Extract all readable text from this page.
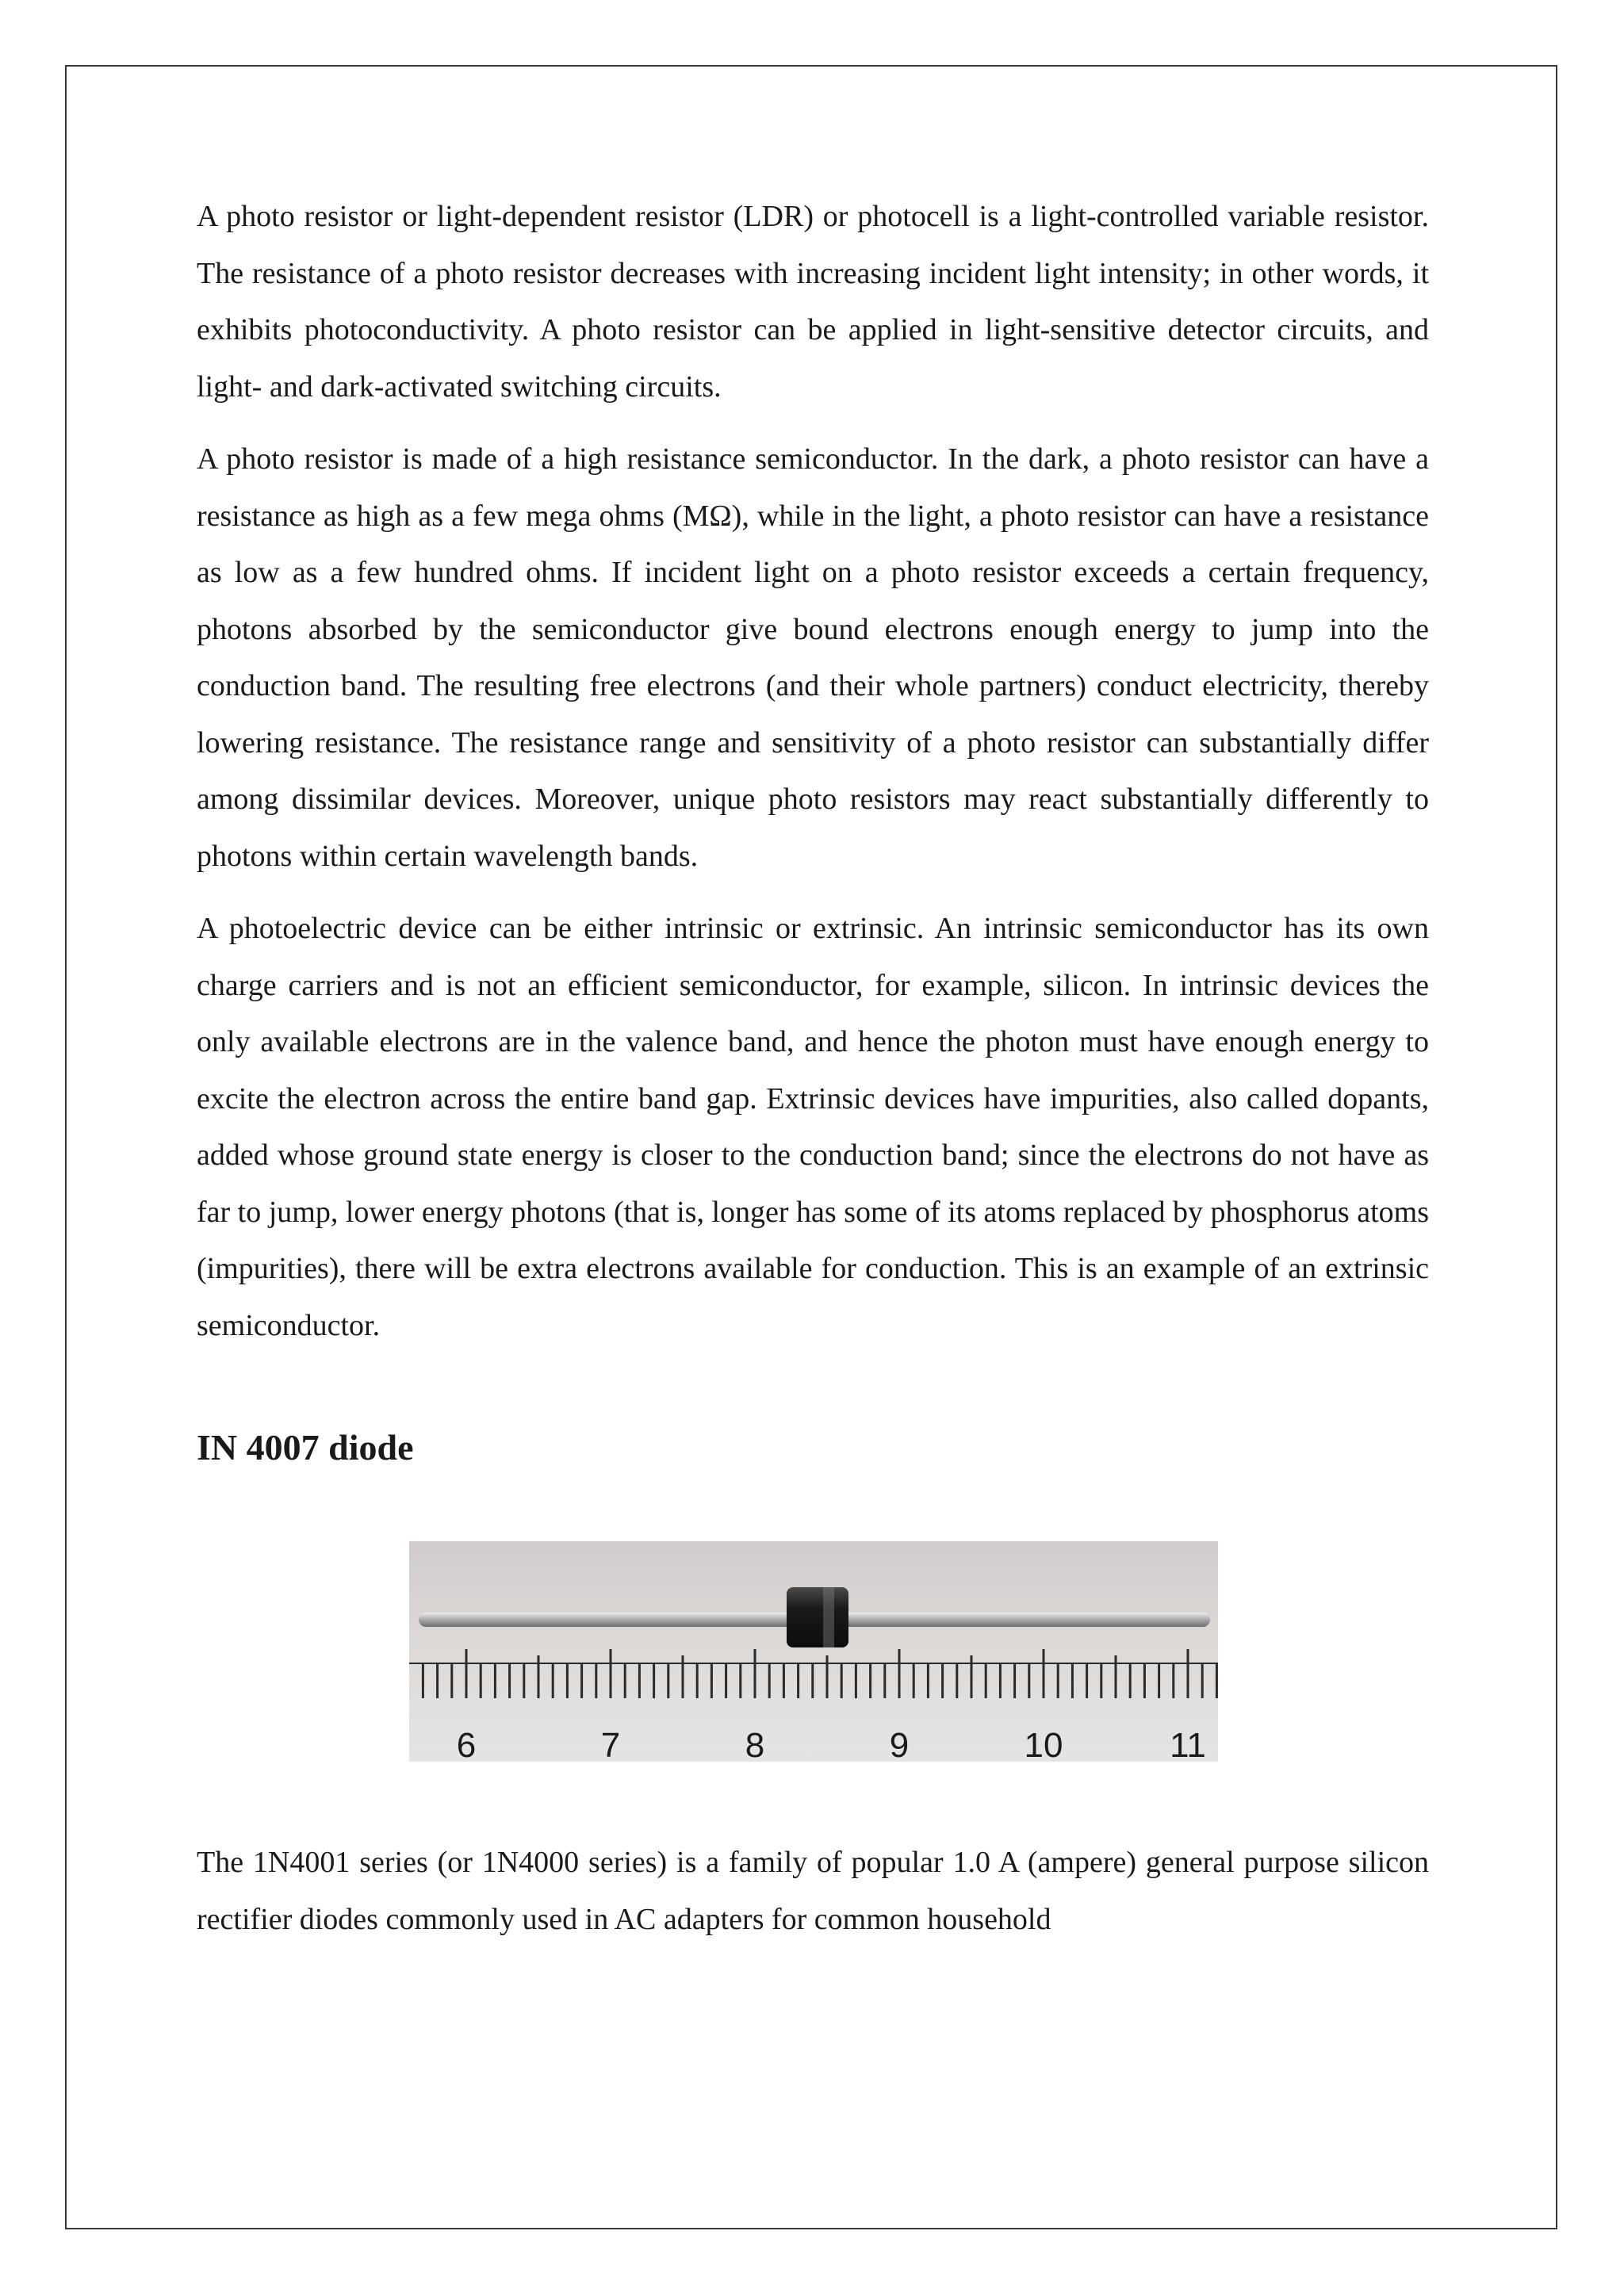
A photo resistor or light-dependent resistor (LDR) or photocell is a light-controlled variable resistor. The resistance of a photo resistor decreases with increasing incident light intensity; in other words, it exhibits photoconductivity. A photo resistor can be applied in light-sensitive detector circuits, and light- and dark-activated switching circuits.

A photo resistor is made of a high resistance semiconductor. In the dark, a photo resistor can have a resistance as high as a few mega ohms (MΩ), while in the light, a photo resistor can have a resistance as low as a few hundred ohms. If incident light on a photo resistor exceeds a certain frequency, photons absorbed by the semiconductor give bound electrons enough energy to jump into the conduction band. The resulting free electrons (and their whole partners) conduct electricity, thereby lowering resistance. The resistance range and sensitivity of a photo resistor can substantially differ among dissimilar devices. Moreover, unique photo resistors may react substantially differently to photons within certain wavelength bands.

A photoelectric device can be either intrinsic or extrinsic. An intrinsic semiconductor has its own charge carriers and is not an efficient semiconductor, for example, silicon. In intrinsic devices the only available electrons are in the valence band, and hence the photon must have enough energy to excite the electron across the entire band gap. Extrinsic devices have impurities, also called dopants, added whose ground state energy is closer to the conduction band; since the electrons do not have as far to jump, lower energy photons (that is, longer has some of its atoms replaced by phosphorus atoms (impurities), there will be extra electrons available for conduction. This is an example of an extrinsic semiconductor.

IN 4007 diode
6	7	8	9	10	11

The 1N4001 series (or 1N4000 series) is a family of popular 1.0 A (ampere) general purpose silicon rectifier diodes commonly used in AC adapters for common household
